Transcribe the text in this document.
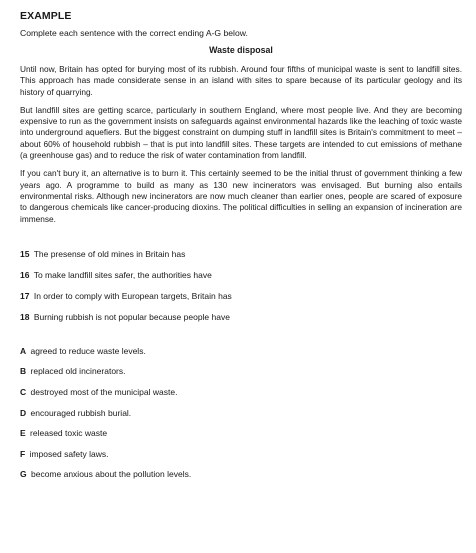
EXAMPLE
Complete each sentence with the correct ending A-G below.
Waste disposal

Until now, Britain has opted for burying most of its rubbish. Around four fifths of municipal waste is sent to landfill sites. This approach has made considerate sense in an island with sites to spare because of its particular geology and its history of quarrying.

But landfill sites are getting scarce, particularly in southern England, where most people live. And they are becoming expensive to run as the government insists on safeguards against environmental hazards like the leaching of toxic waste into underground aquefiers. But the biggest constraint on dumping stuff in landfill sites is Britain's commitment to meet – about 60% of household rubbish – that is put into landfill sites. These targets are intended to cut emissions of methane (a greenhouse gas) and to reduce the risk of water contamination from landfill.

If you can't bury it, an alternative is to burn it. This certainly seemed to be the initial thrust of government thinking a few years ago. A programme to build as many as 130 new incinerators was envisaged. But burning also entails environmental risks. Although new incinerators are now much cleaner than earlier ones, people are scared of exposure to dangerous chemicals like cancer-producing dioxins. The political difficulties in selling an expansion of incineration are immense.

15 The presense of old mines in Britain has
16 To make landfill sites safer, the authorities have
17 In order to comply with European targets, Britain has
18 Burning rubbish is not popular because people have
A agreed to reduce waste levels.
B replaced old incinerators.
C destroyed most of the municipal waste.
D encouraged rubbish burial.
E released toxic waste
F imposed safety laws.
G become anxious about the pollution levels.
